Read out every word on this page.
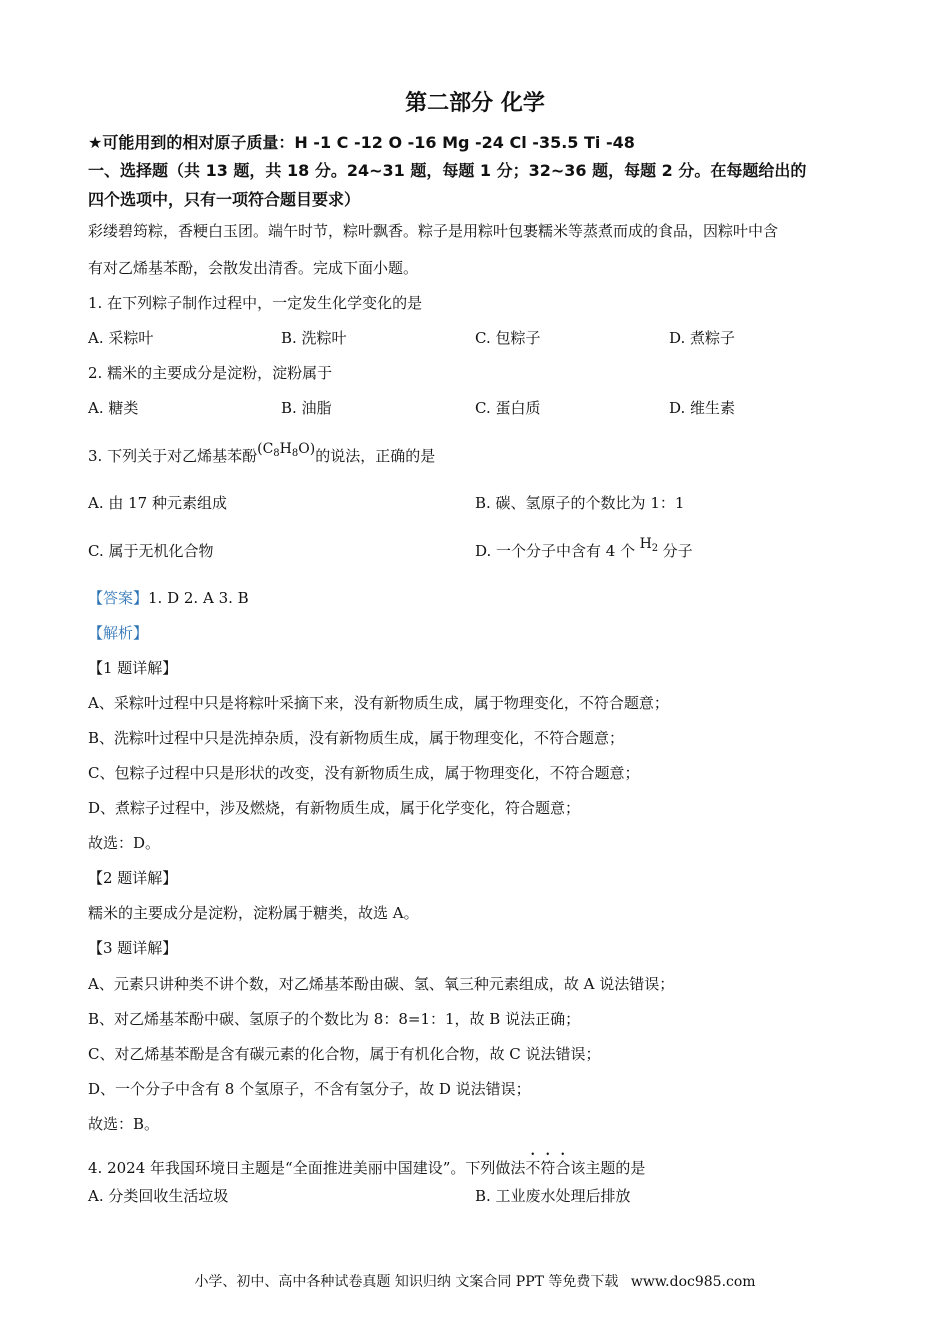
第二部分 化学
★可能用到的相对原子质量：H -1 C -12 O -16 Mg -24 Cl -35.5 Ti -48
一、选择题（共 13 题，共 18 分。24~31 题，每题 1 分；32~36 题，每题 2 分。在每题给出的
四个选项中，只有一项符合题目要求）
彩缕碧筠粽，香粳白玉团。端午时节，粽叶飘香。粽子是用粽叶包裹糯米等蒸煮而成的食品，因粽叶中含
有对乙烯基苯酚，会散发出清香。完成下面小题。
1. 在下列粽子制作过程中，一定发生化学变化的是
A. 采粽叶	B. 洗粽叶	C. 包粽子	D. 煮粽子
2. 糯米的主要成分是淀粉，淀粉属于
A. 糖类	B. 油脂	C. 蛋白质	D. 维生素
3. 下列关于对乙烯基苯酚$(C_8H_8O)$的说法，正确的是
A. 由 17 种元素组成	B. 碳、氢原子的个数比为 1：1
C. 属于无机化合物	D. 一个分子中含有 4 个 $H_2$ 分子
【答案】1. D 2. A 3. B
【解析】
【1 题详解】
A、采粽叶过程中只是将粽叶采摘下来，没有新物质生成，属于物理变化，不符合题意；
B、洗粽叶过程中只是洗掉杂质，没有新物质生成，属于物理变化，不符合题意；
C、包粽子过程中只是形状的改变，没有新物质生成，属于物理变化，不符合题意；
D、煮粽子过程中，涉及燃烧，有新物质生成，属于化学变化，符合题意；
故选：D。
【2 题详解】
糯米的主要成分是淀粉，淀粉属于糖类，故选 A。
【3 题详解】
A、元素只讲种类不讲个数，对乙烯基苯酚由碳、氢、氧三种元素组成，故 A 说法错误；
B、对乙烯基苯酚中碳、氢原子的个数比为 8：8=1：1，故 B 说法正确；
C、对乙烯基苯酚是含有碳元素的化合物，属于有机化合物，故 C 说法错误；
D、一个分子中含有 8 个氢原子，不含有氢分子，故 D 说法错误；
故选：B。
4. 2024 年我国环境日主题是“全面推进美丽中国建设”。下列做法不符合该主题的是
A. 分类回收生活垃圾	B. 工业废水处理后排放
小学、初中、高中各种试卷真题 知识归纳 文案合同 PPT 等免费下载 www.doc985.com
